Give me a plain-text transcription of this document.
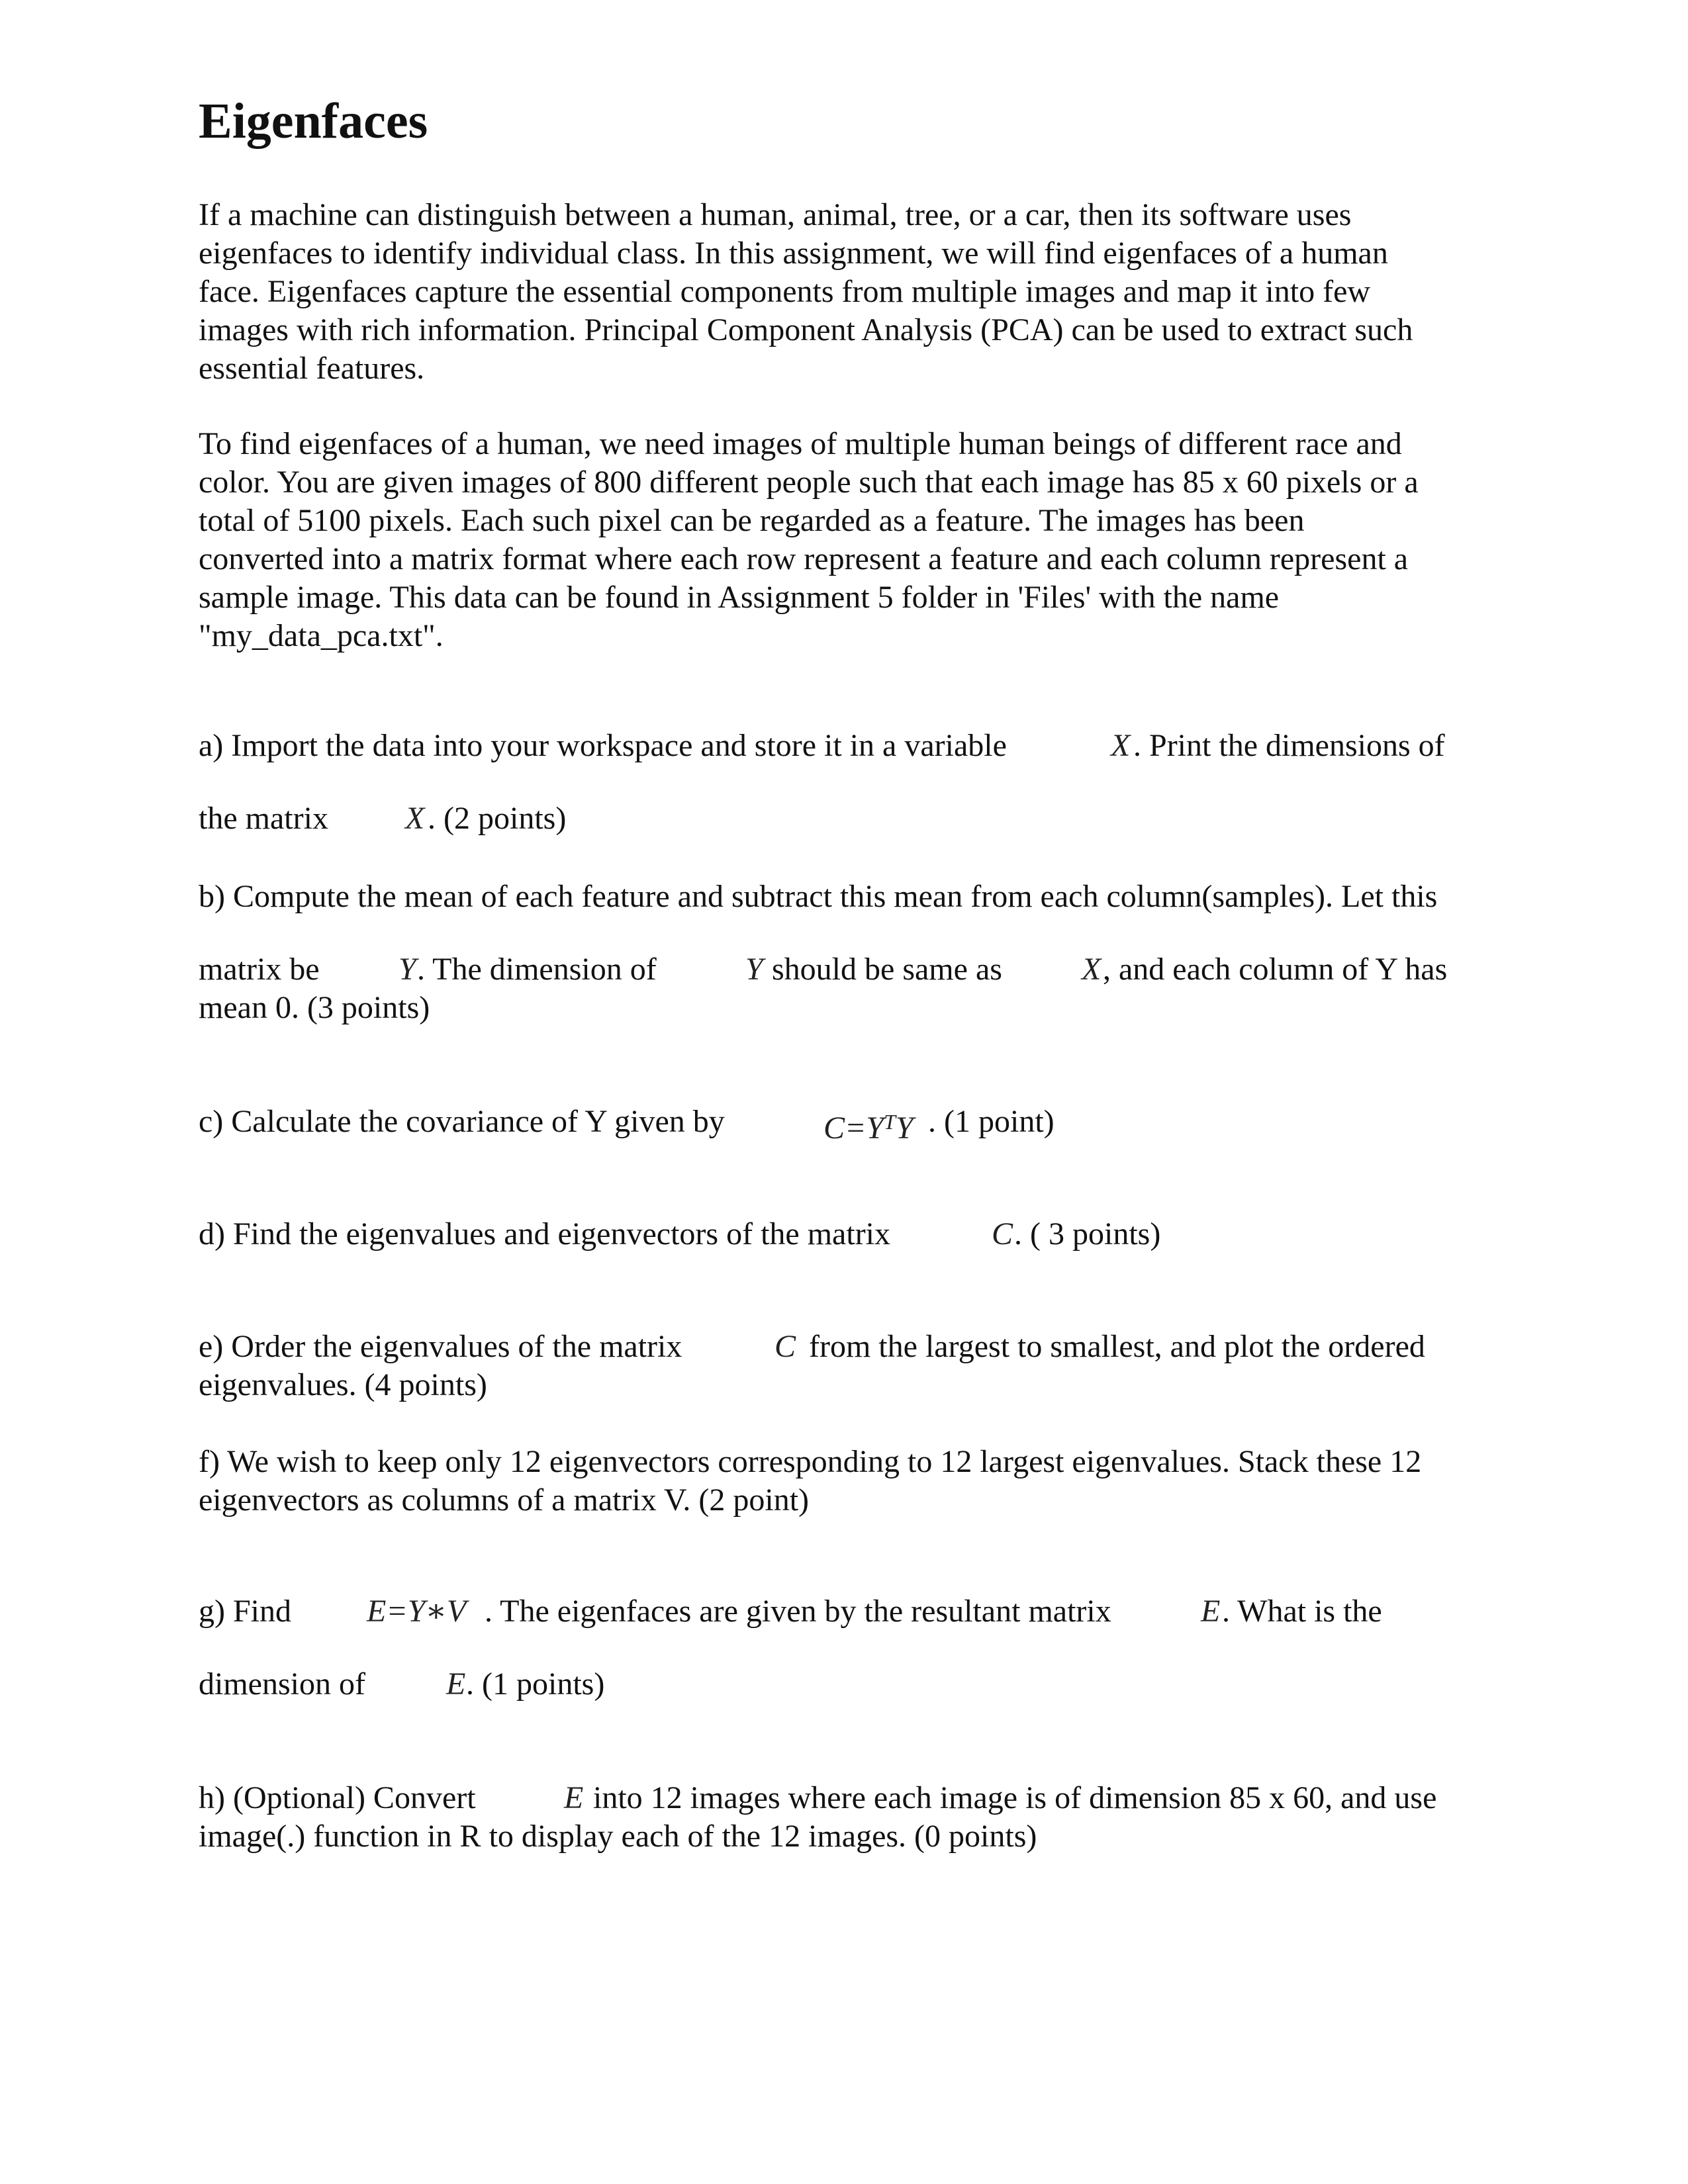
Eigenfaces

If a machine can distinguish between a human, animal, tree, or a car, then its software uses
eigenfaces to identify individual class. In this assignment, we will find eigenfaces of a human
face. Eigenfaces capture the essential components from multiple images and map it into few
images with rich information. Principal Component Analysis (PCA) can be used to extract such
essential features.

To find eigenfaces of a human, we need images of multiple human beings of different race and
color. You are given images of 800 different people such that each image has 85 x 60 pixels or a
total of 5100 pixels. Each such pixel can be regarded as a feature. The images has been
converted into a matrix format where each row represent a feature and each column represent a
sample image. This data can be found in Assignment 5 folder in 'Files' with the name
"my_data_pca.txt".

a) Import the data into your workspace and store it in a variable	X . Print the dimensions of
the matrix X . (2 points)
b) Compute the mean of each feature and subtract this mean from each column(samples). Let this
matrix be Y . The dimension of	Y should be same as	X , and each column of Y has
mean 0. (3 points)
c) Calculate the covariance of Y given by	$C=Y^TY$ . (1 point)
d) Find the eigenvalues and eigenvectors of the matrix	C . ( 3 points)
e) Order the eigenvalues of the matrix	C from the largest to smallest, and plot the ordered
eigenvalues. (4 points)
f) We wish to keep only 12 eigenvectors corresponding to 12 largest eigenvalues. Stack these 12
eigenvectors as columns of a matrix V. (2 point)
g) Find E=Y∗V . The eigenfaces are given by the resultant matrix	E . What is the
dimension of	E . (1 points)
h) (Optional) Convert	E into 12 images where each image is of dimension 85 x 60, and use
image(.) function in R to display each of the 12 images. (0 points)
